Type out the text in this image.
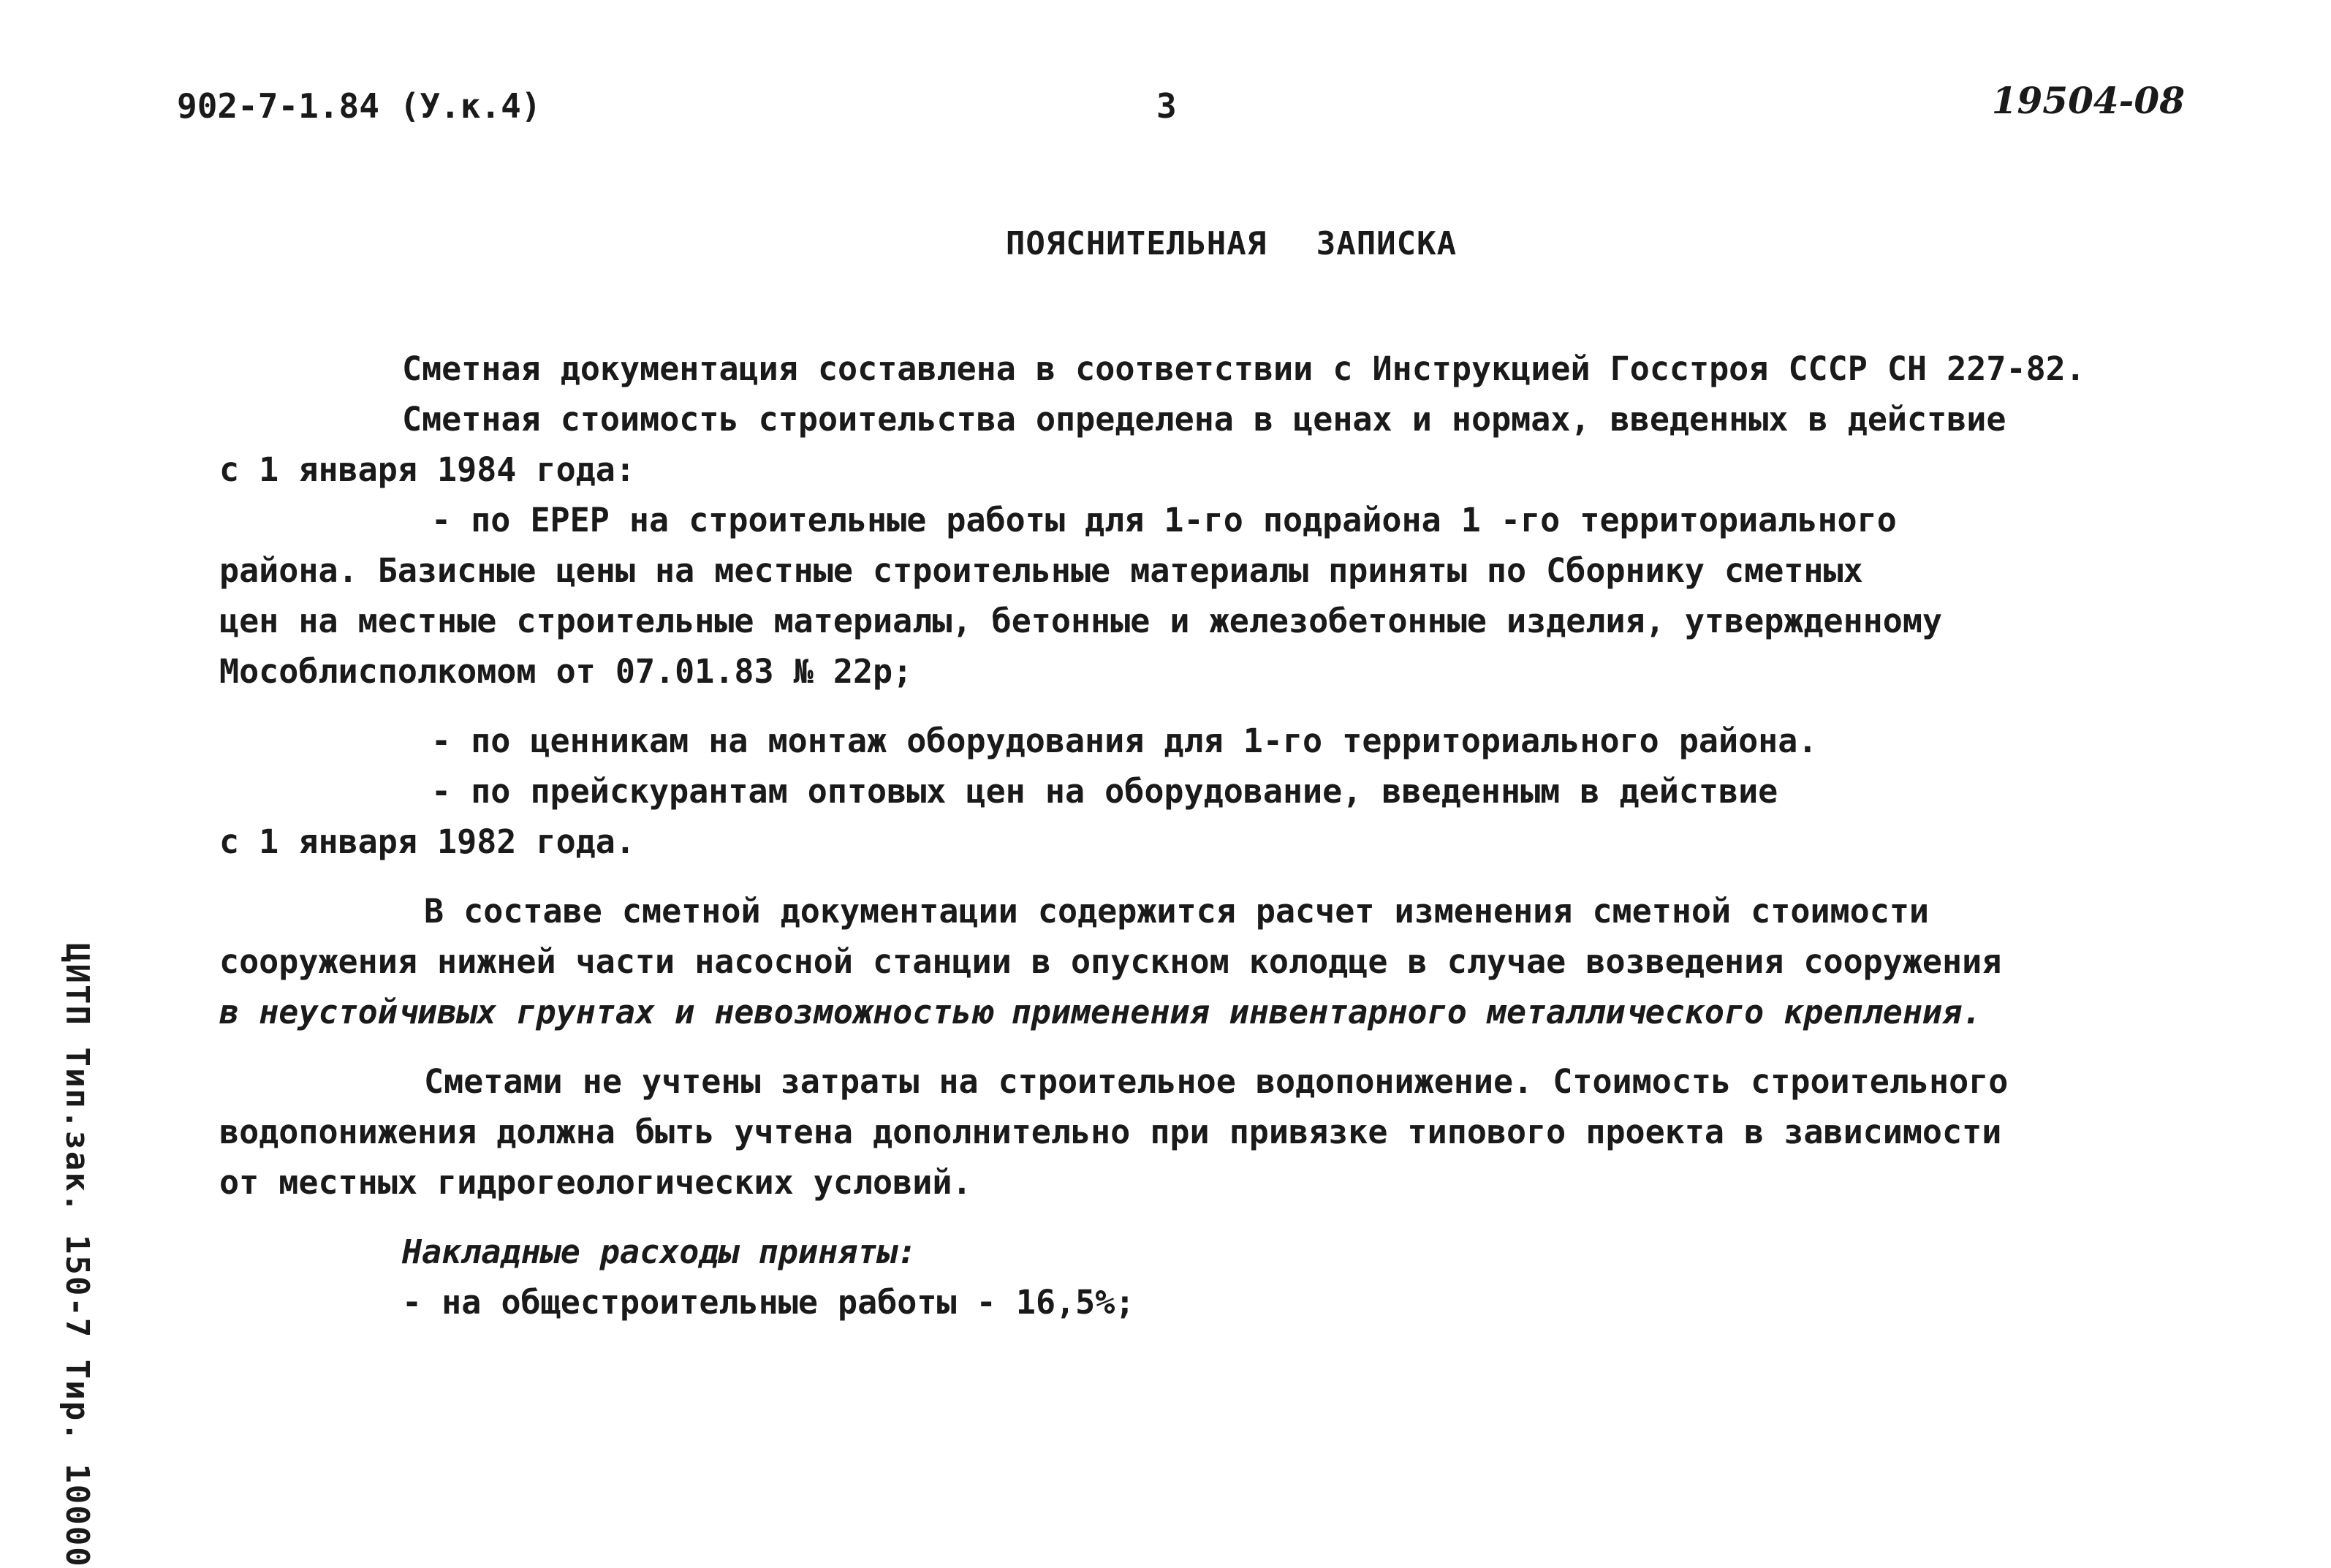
902-7-1.84 (У.к.4)	3	19504-08
ПОЯСНИТЕЛЬНАЯ ЗАПИСКА
Сметная документация составлена в соответствии с Инструкцией Госстроя СССР СН 227-82.
Сметная стоимость строительства определена в ценах и нормах, введенных в действие
с 1 января 1984 года:
- по ЕРЕР на строительные работы для 1-го подрайона 1 -го территориального
района. Базисные цены на местные строительные материалы приняты по Сборнику сметных
цен на местные строительные материалы, бетонные и железобетонные изделия, утвержденному
Мособлисполкомом от 07.01.83 № 22р;
- по ценникам на монтаж оборудования для 1-го территориального района.
- по прейскурантам оптовых цен на оборудование, введенным в действие
с 1 января 1982 года.
В составе сметной документации содержится расчет изменения сметной стоимости
сооружения нижней части насосной станции в опускном колодце в случае возведения сооружения
в неустойчивых грунтах и невозможностью применения инвентарного металлического крепления.
Сметами не учтены затраты на строительное водопонижение. Стоимость строительного
водопонижения должна быть учтена дополнительно при привязке типового проекта в зависимости
от местных гидрогеологических условий.
Накладные расходы приняты:
- на общестроительные работы - 16,5%;
ЦИТП Тип.зак. 150-7 Тир. 10000
